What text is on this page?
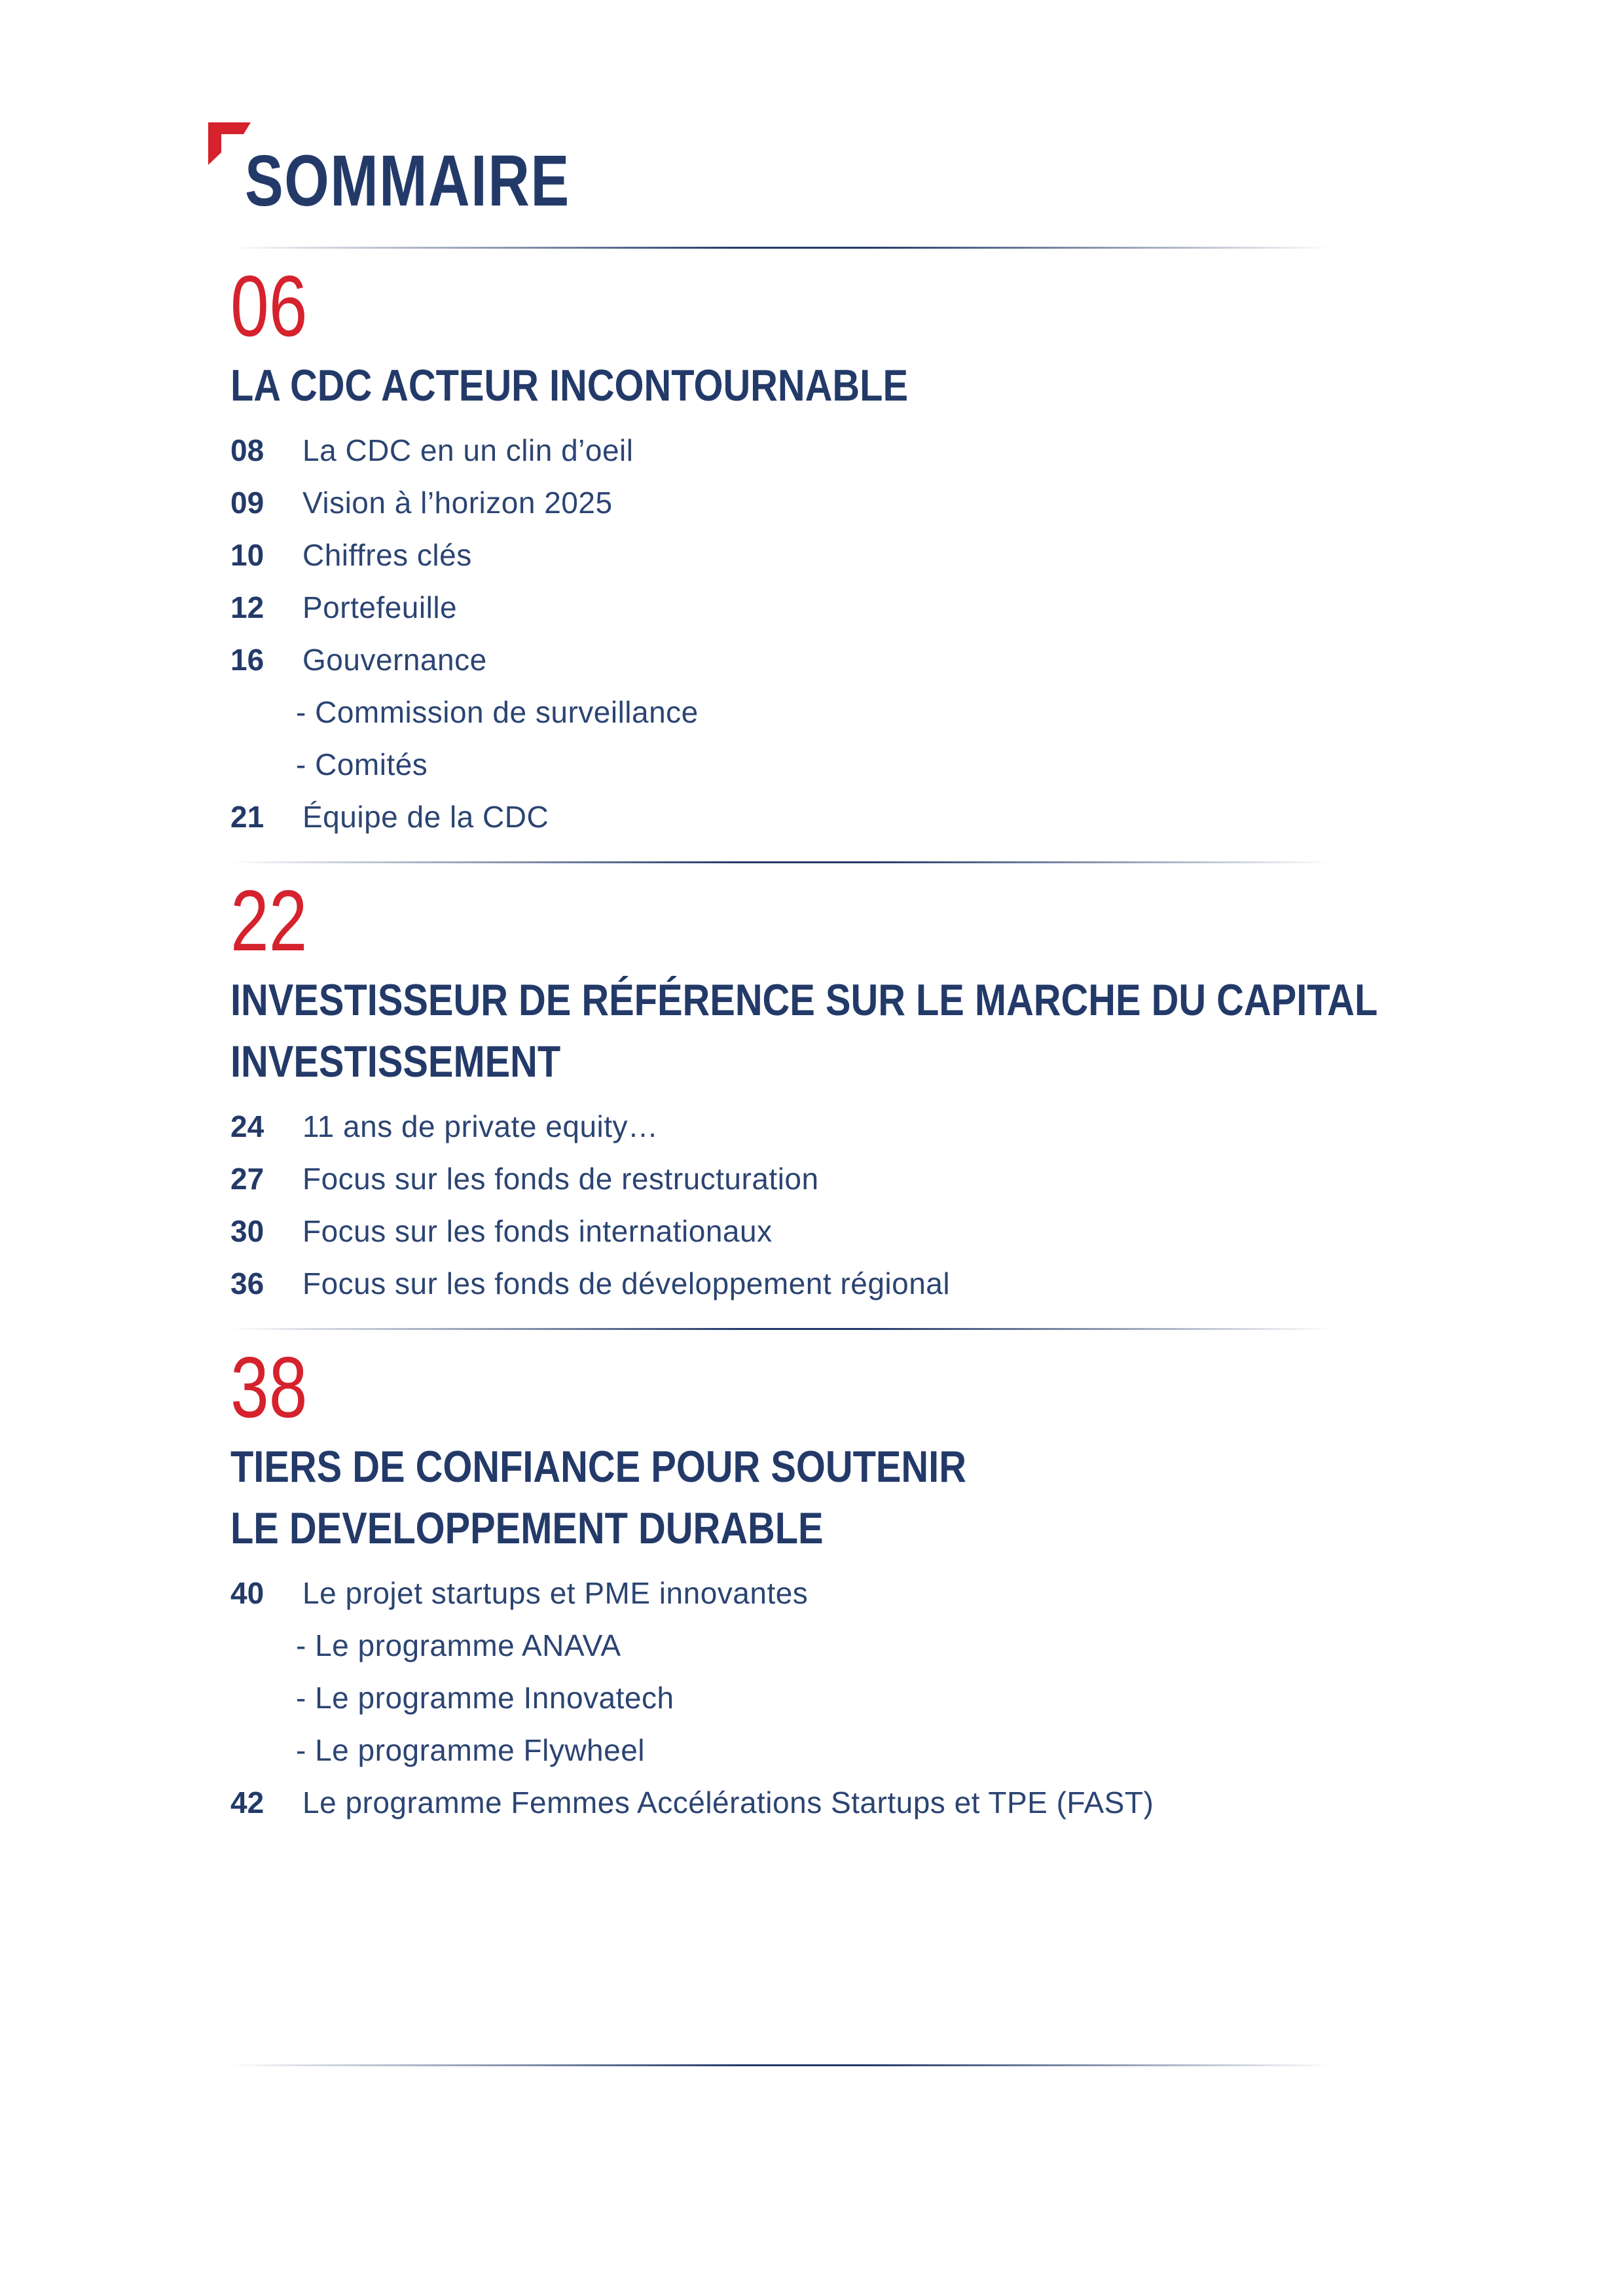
SOMMAIRE
06
LA CDC ACTEUR INCONTOURNABLE
08	La CDC en un clin d’oeil
09	Vision à l’horizon 2025
10	Chiffres clés
12	Portefeuille
16	Gouvernance
- Commission de surveillance
- Comités
21	Équipe de la CDC
22
INVESTISSEUR DE RÉFÉRENCE SUR LE MARCHE DU CAPITAL
INVESTISSEMENT
24	11 ans de private equity…
27	Focus sur les fonds de restructuration
30	Focus sur les fonds internationaux
36	Focus sur les fonds de développement régional
38
TIERS DE CONFIANCE POUR SOUTENIR
LE DEVELOPPEMENT DURABLE
40	Le projet startups et PME innovantes
- Le programme ANAVA
- Le programme Innovatech
- Le programme Flywheel
42	Le programme Femmes Accélérations Startups et TPE (FAST)
